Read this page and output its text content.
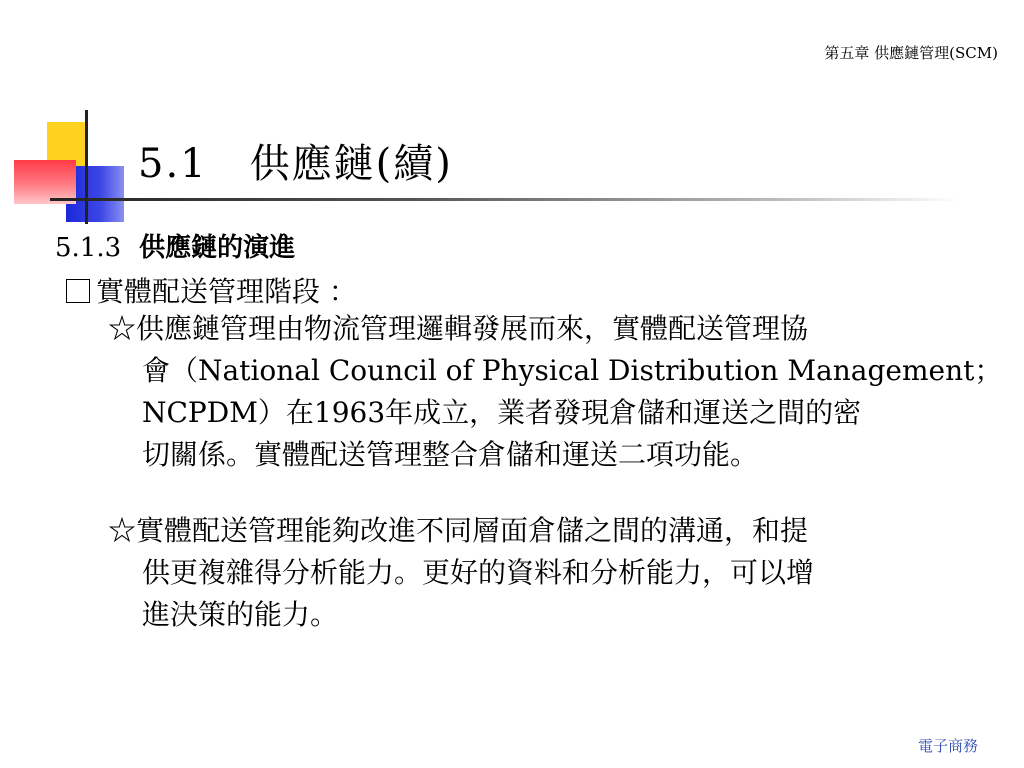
第五章 供應鏈管理(SCM)
5.1 供應鏈(續)
5.1.3 供應鏈的演進
實體配送管理階段 ：
☆供應鏈管理由物流管理邏輯發展而來，實體配送管理協
會（National Council of Physical Distribution Management；
NCPDM）在1963年成立，業者發現倉儲和運送之間的密
切關係。實體配送管理整合倉儲和運送二項功能。
☆實體配送管理能夠改進不同層面倉儲之間的溝通，和提
供更複雜得分析能力。更好的資料和分析能力，可以增
進決策的能力。
電子商務
